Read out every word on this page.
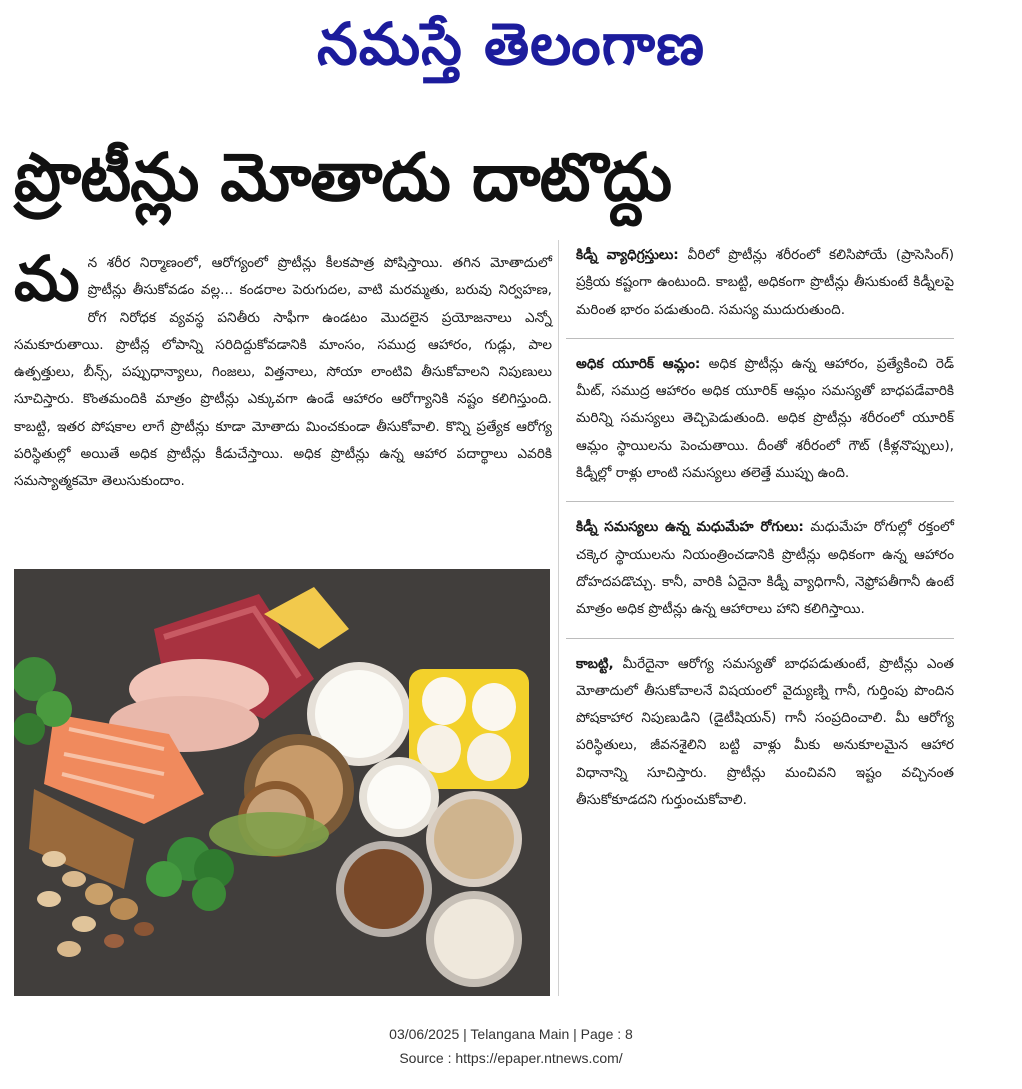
నమస్తే తెలంగాణ
ప్రొటీన్లు మోతాదు దాటొద్దు
మన శరీర నిర్మాణంలో, ఆరోగ్యంలో ప్రొటీన్లు కీలకపాత్ర పోషిస్తాయి. తగిన మోతాదులో ప్రొటీన్లు తీసుకోవడం వల్ల... కండరాల పెరుగుదల, వాటి మరమ్మతు, బరువు నిర్వహణ, రోగ నిరోధక వ్యవస్థ పనితీరు సాఫీగా ఉండటం మొదలైన ప్రయోజనాలు ఎన్నో సమకూరుతాయి. ప్రొటీన్ల లోపాన్ని సరిదిద్దుకోవడానికి మాంసం, సముద్ర ఆహారం, గుడ్లు, పాల ఉత్పత్తులు, బీన్స్, పప్పుధాన్యాలు, గింజలు, విత్తనాలు, సోయా లాంటివి తీసుకోవాలని నిపుణులు సూచిస్తారు. కొంతమందికి మాత్రం ప్రొటీన్లు ఎక్కువగా ఉండే ఆహారం ఆరోగ్యానికి నష్టం కలిగిస్తుంది. కాబట్టి, ఇతర పోషకాల లాగే ప్రొటీన్లు కూడా మోతాదు మించకుండా తీసుకోవాలి. కొన్ని ప్రత్యేక ఆరోగ్య పరిస్థితుల్లో అయితే అధిక ప్రొటీన్లు కీడుచేస్తాయి. అధిక ప్రొటీన్లు ఉన్న ఆహార పదార్థాలు ఎవరికి సమస్యాత్మకమో తెలుసుకుందాం.
కిడ్నీ వ్యాధిగ్రస్తులు: వీరిలో ప్రొటీన్లు శరీరంలో కలిసిపోయే (ప్రాసెసింగ్) ప్రక్రియ కష్టంగా ఉంటుంది. కాబట్టి, అధికంగా ప్రొటీన్లు తీసుకుంటే కిడ్నీలపై మరింత భారం పడుతుంది. సమస్య ముదురుతుంది.
అధిక యూరిక్ ఆమ్లం: అధిక ప్రొటీన్లు ఉన్న ఆహారం, ప్రత్యేకించి రెడ్ మీట్, సముద్ర ఆహారం అధిక యూరిక్ ఆమ్లం సమస్యతో బాధపడేవారికి మరిన్ని సమస్యలు తెచ్చిపెడుతుంది. అధిక ప్రొటీన్లు శరీరంలో యూరిక్ ఆమ్లం స్థాయిలను పెంచుతాయి. దీంతో శరీరంలో గౌట్ (కీళ్లనొప్పులు), కిడ్నీల్లో రాళ్లు లాంటి సమస్యలు తలెత్తే ముప్పు ఉంది.
కిడ్నీ సమస్యలు ఉన్న మధుమేహ రోగులు: మధుమేహ రోగుల్లో రక్తంలో చక్కెర స్థాయులను నియంత్రించడానికి ప్రొటీన్లు అధికంగా ఉన్న ఆహారం దోహదపడొచ్చు. కానీ, వారికి ఏదైనా కిడ్నీ వ్యాధిగానీ, నెఫ్రోపతీగానీ ఉంటే మాత్రం అధిక ప్రొటీన్లు ఉన్న ఆహారాలు హాని కలిగిస్తాయి.
కాబట్టి, మీరేదైనా ఆరోగ్య సమస్యతో బాధపడుతుంటే, ప్రొటీన్లు ఎంత మోతాదులో తీసుకోవాలనే విషయంలో వైద్యుణ్ని గానీ, గుర్తింపు పొందిన పోషకాహార నిపుణుడిని (డైటీషియన్) గానీ సంప్రదించాలి. మీ ఆరోగ్య పరిస్థితులు, జీవనశైలిని బట్టి వాళ్లు మీకు అనుకూలమైన ఆహార విధానాన్ని సూచిస్తారు. ప్రొటీన్లు మంచివని ఇష్టం వచ్చినంత తీసుకోకూడదని గుర్తుంచుకోవాలి.
03/06/2025 | Telangana Main | Page : 8
Source : https://epaper.ntnews.com/
